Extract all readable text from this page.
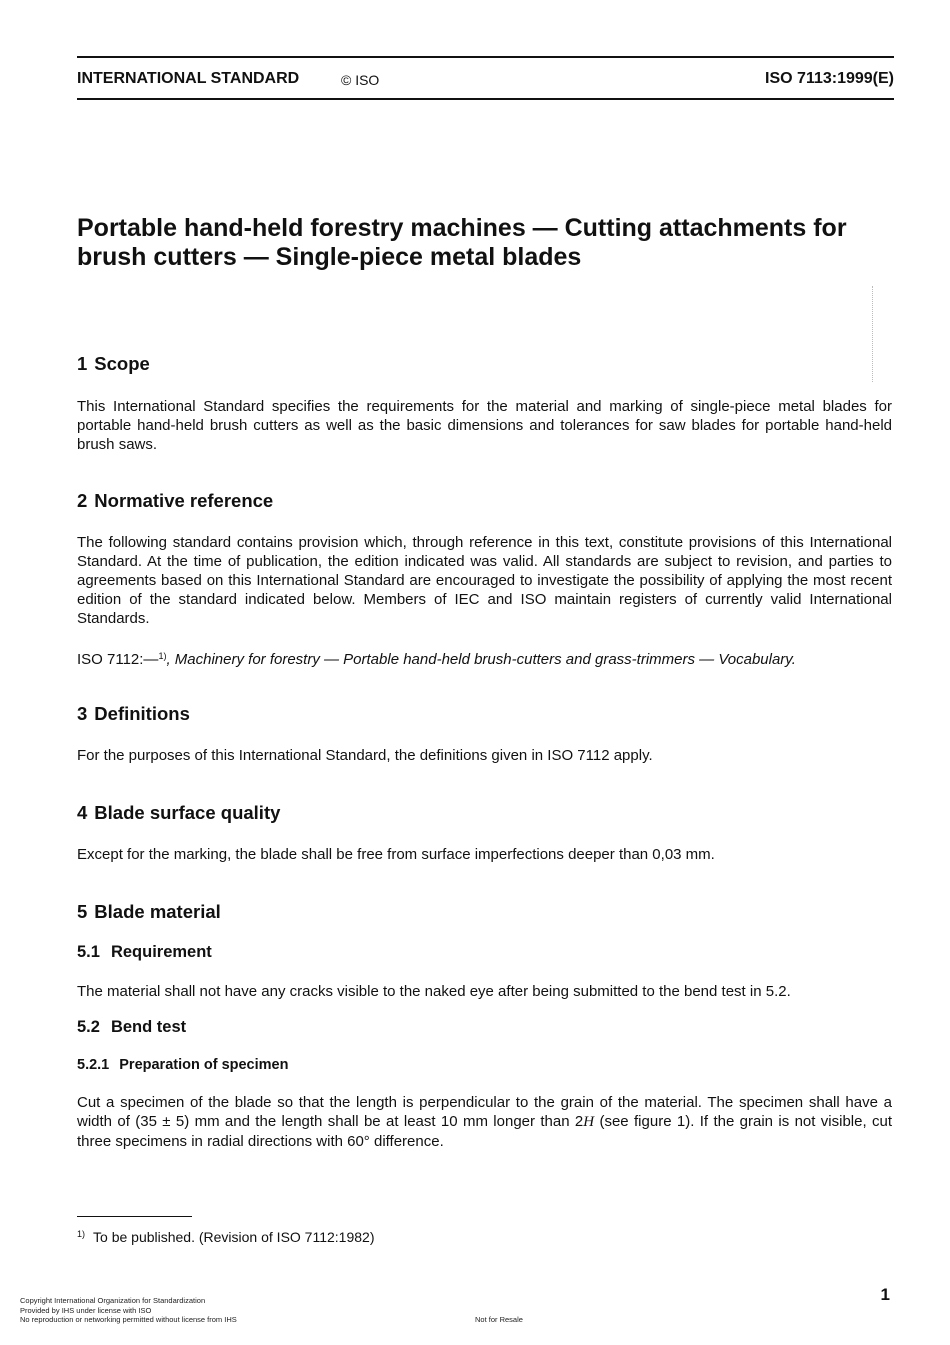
INTERNATIONAL STANDARD	© ISO	ISO 7113:1999(E)
Portable hand-held forestry machines — Cutting attachments for brush cutters — Single-piece metal blades
1 Scope

This International Standard specifies the requirements for the material and marking of single-piece metal blades for portable hand-held brush cutters as well as the basic dimensions and tolerances for saw blades for portable hand-held brush saws.

2 Normative reference

The following standard contains provision which, through reference in this text, constitute provisions of this International Standard. At the time of publication, the edition indicated was valid. All standards are subject to revision, and parties to agreements based on this International Standard are encouraged to investigate the possibility of applying the most recent edition of the standard indicated below. Members of IEC and ISO maintain registers of currently valid International Standards.

ISO 7112:—$^{1)}$, Machinery for forestry — Portable hand-held brush-cutters and grass-trimmers — Vocabulary.

3 Definitions

For the purposes of this International Standard, the definitions given in ISO 7112 apply.

4 Blade surface quality

Except for the marking, the blade shall be free from surface imperfections deeper than 0,03 mm.

5 Blade material
5.1 Requirement

The material shall not have any cracks visible to the naked eye after being submitted to the bend test in 5.2.

5.2 Bend test
5.2.1 Preparation of specimen

Cut a specimen of the blade so that the length is perpendicular to the grain of the material. The specimen shall have a width of (35 ± 5) mm and the length shall be at least 10 mm longer than 2H (see figure 1). If the grain is not visible, cut three specimens in radial directions with 60° difference.

$^{1)}$ To be published. (Revision of ISO 7112:1982)
1
Copyright International Organization for Standardization
Provided by IHS under license with ISO
No reproduction or networking permitted without license from IHS	Not for Resale
